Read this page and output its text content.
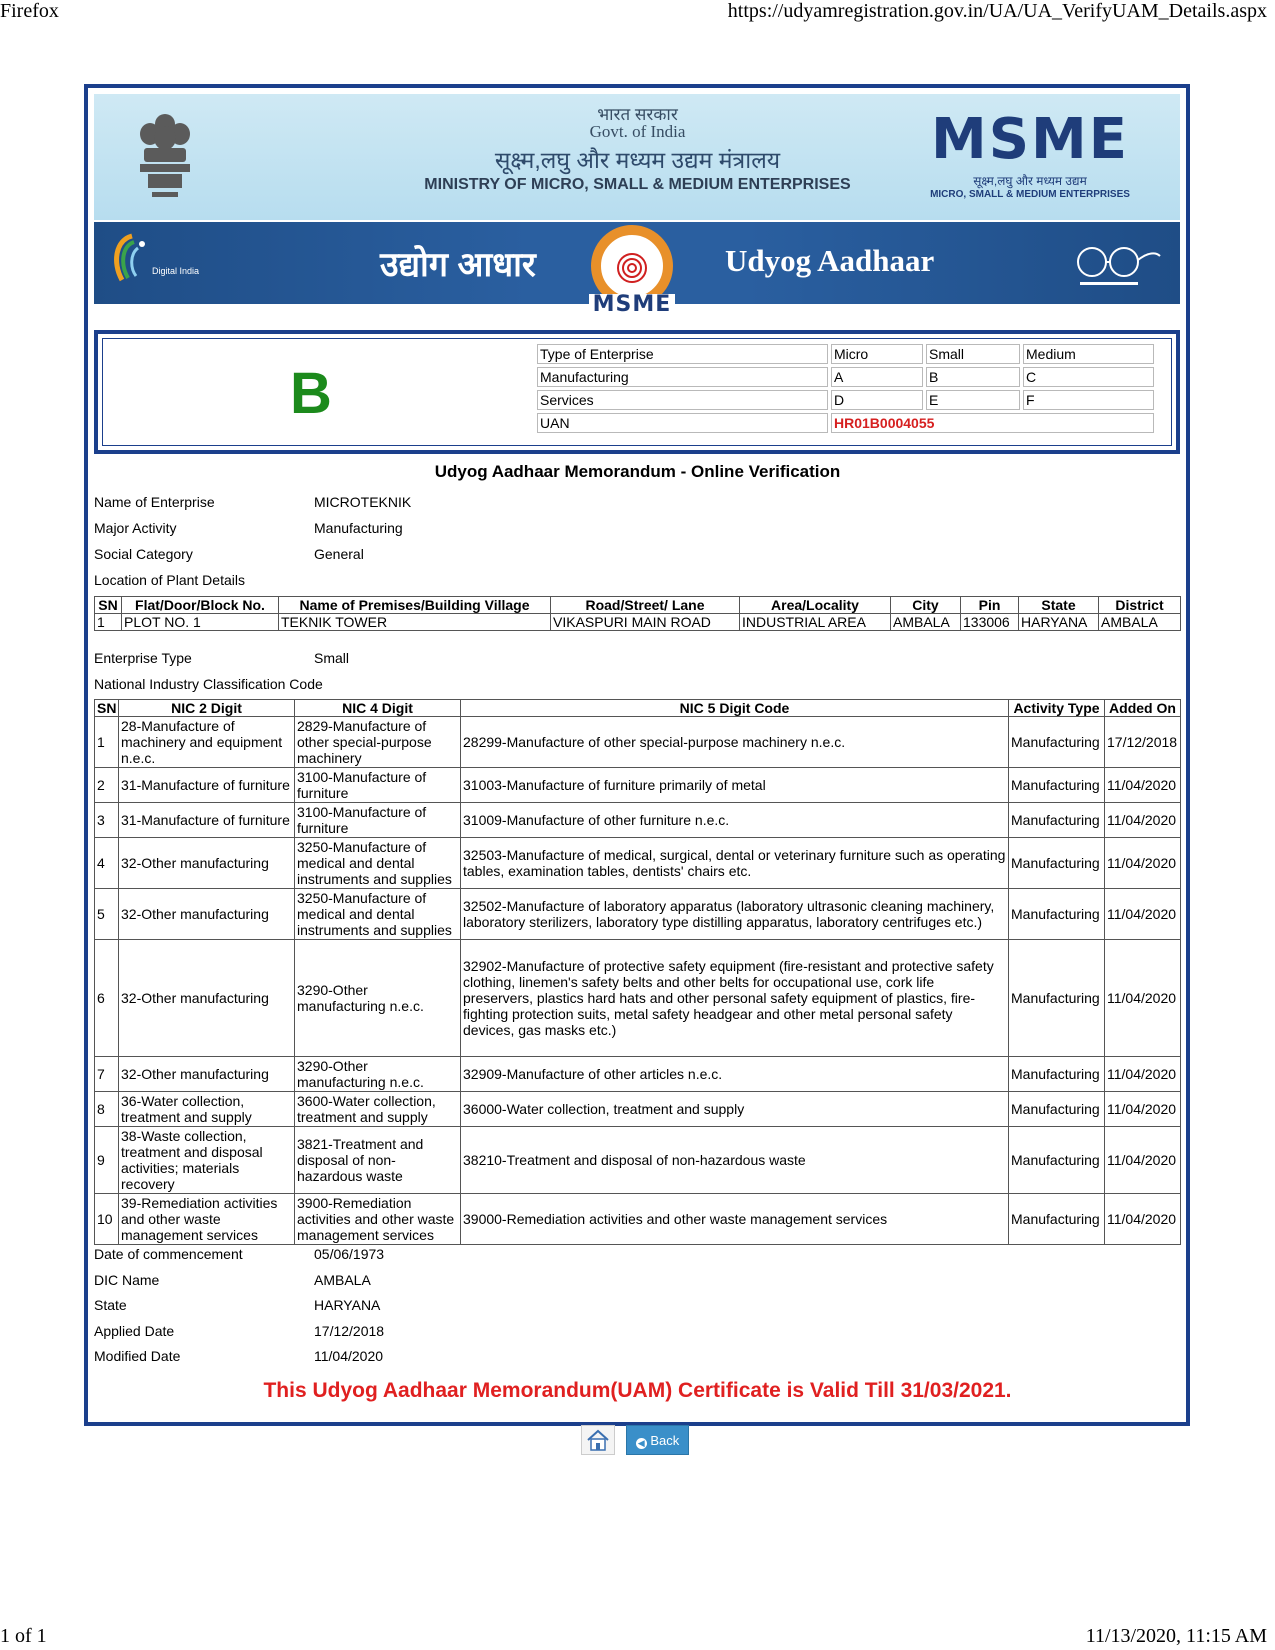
Firefox	https://udyamregistration.gov.in/UA/UA_VerifyUAM_Details.aspx
1 of 1	11/13/2020, 11:15 AM
भारत सरकार
Govt. of India
सूक्ष्म,लघु और मध्यम उद्यम मंत्रालय
MINISTRY OF MICRO, SMALL & MEDIUM ENTERPRISES
MSME
सूक्ष्म,लघु और मध्यम उद्यम
MICRO, SMALL & MEDIUM ENTERPRISES
Digital India	उद्योग आधार	Udyog Aadhaar
MSME
B
Type of Enterprise	Micro	Small	Medium
Manufacturing	A	B	C
Services	D	E	F
UAN	HR01B0004055		
Udyog Aadhaar Memorandum - Online Verification
Name of Enterprise	MICROTEKNIK
Major Activity	Manufacturing
Social Category	General
Location of Plant Details
SN	Flat/Door/Block No.	Name of Premises/Building Village	Road/Street/ Lane	Area/Locality	City	Pin	State	District
1	PLOT NO. 1	TEKNIK TOWER	VIKASPURI MAIN ROAD	INDUSTRIAL AREA	AMBALA	133006	HARYANA	AMBALA
Enterprise Type	Small
National Industry Classification Code
SN	NIC 2 Digit	NIC 4 Digit	NIC 5 Digit Code	Activity Type	Added On
1	28-Manufacture of machinery and equipment n.e.c.	2829-Manufacture of other special-purpose machinery	28299-Manufacture of other special-purpose machinery n.e.c.	Manufacturing	17/12/2018
2	31-Manufacture of furniture	3100-Manufacture of furniture	31003-Manufacture of furniture primarily of metal	Manufacturing	11/04/2020
3	31-Manufacture of furniture	3100-Manufacture of furniture	31009-Manufacture of other furniture n.e.c.	Manufacturing	11/04/2020
4	32-Other manufacturing	3250-Manufacture of medical and dental instruments and supplies	32503-Manufacture of medical, surgical, dental or veterinary furniture such as operating tables, examination tables, dentists' chairs etc.	Manufacturing	11/04/2020
5	32-Other manufacturing	3250-Manufacture of medical and dental instruments and supplies	32502-Manufacture of laboratory apparatus (laboratory ultrasonic cleaning machinery, laboratory sterilizers, laboratory type distilling apparatus, laboratory centrifuges etc.)	Manufacturing	11/04/2020
6	32-Other manufacturing	3290-Other manufacturing n.e.c.	32902-Manufacture of protective safety equipment (fire-resistant and protective safety clothing, linemen's safety belts and other belts for occupational use, cork life preservers, plastics hard hats and other personal safety equipment of plastics, fire-fighting protection suits, metal safety headgear and other metal personal safety devices, gas masks etc.)	Manufacturing	11/04/2020
7	32-Other manufacturing	3290-Other manufacturing n.e.c.	32909-Manufacture of other articles n.e.c.	Manufacturing	11/04/2020
8	36-Water collection, treatment and supply	3600-Water collection, treatment and supply	36000-Water collection, treatment and supply	Manufacturing	11/04/2020
9	38-Waste collection, treatment and disposal activities; materials recovery	3821-Treatment and disposal of non-hazardous waste	38210-Treatment and disposal of non-hazardous waste	Manufacturing	11/04/2020
10	39-Remediation activities and other waste management services	3900-Remediation activities and other waste management services	39000-Remediation activities and other waste management services	Manufacturing	11/04/2020
Date of commencement	05/06/1973
DIC Name	AMBALA
State	HARYANA
Applied Date	17/12/2018
Modified Date	11/04/2020
This Udyog Aadhaar Memorandum(UAM) Certificate is Valid Till 31/03/2021.
◀ Back
